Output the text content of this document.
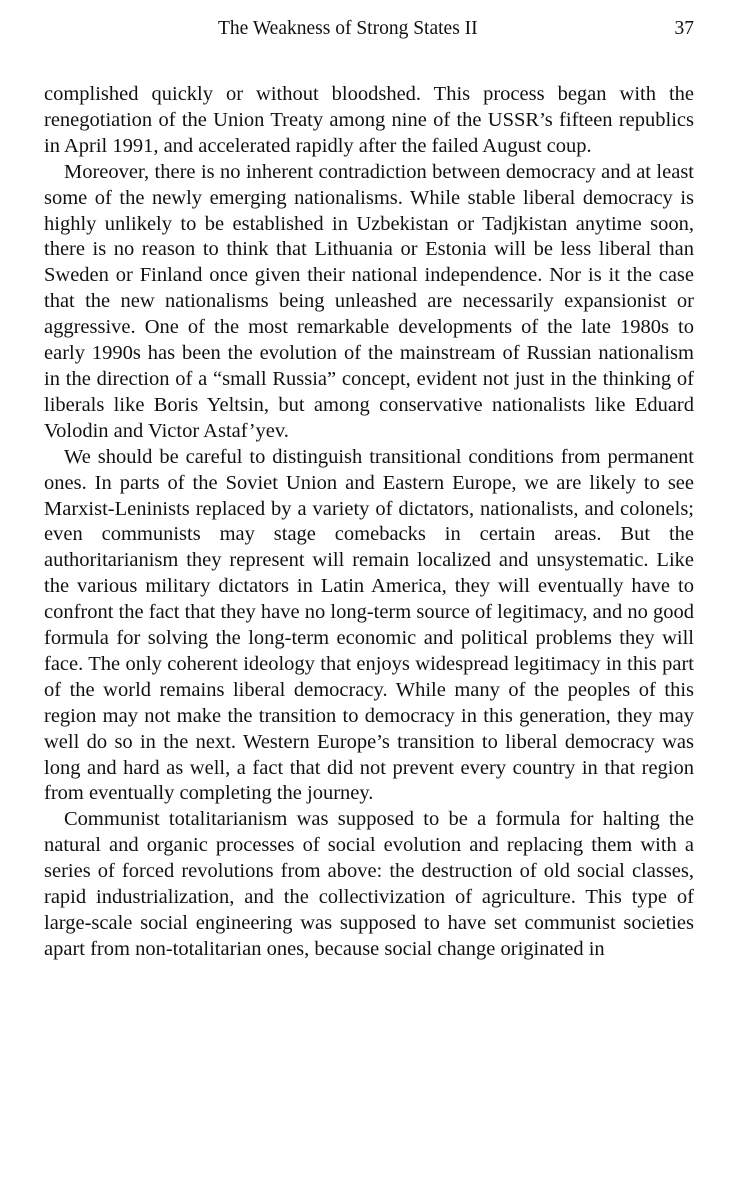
The Weakness of Strong States II	37

complished quickly or without bloodshed. This process began with the renegotiation of the Union Treaty among nine of the USSR’s fifteen republics in April 1991, and accelerated rapidly after the failed August coup.

Moreover, there is no inherent contradiction between democracy and at least some of the newly emerging nationalisms. While stable liberal democracy is highly unlikely to be established in Uzbekistan or Tadjkistan anytime soon, there is no reason to think that Lithuania or Estonia will be less liberal than Sweden or Finland once given their national independence. Nor is it the case that the new nationalisms being unleashed are necessarily expansionist or aggressive. One of the most remarkable developments of the late 1980s to early 1990s has been the evolution of the mainstream of Russian nationalism in the direction of a “small Russia” concept, evident not just in the thinking of liberals like Boris Yeltsin, but among conservative nationalists like Eduard Volodin and Victor Astaf’yev.

We should be careful to distinguish transitional conditions from permanent ones. In parts of the Soviet Union and Eastern Europe, we are likely to see Marxist-Leninists replaced by a variety of dictators, nationalists, and colonels; even communists may stage comebacks in certain areas. But the authoritarianism they represent will remain localized and unsystematic. Like the various military dictators in Latin America, they will eventually have to confront the fact that they have no long-term source of legitimacy, and no good formula for solving the long-term economic and political problems they will face. The only coherent ideology that enjoys widespread legitimacy in this part of the world remains liberal democracy. While many of the peoples of this region may not make the transition to democracy in this generation, they may well do so in the next. Western Europe’s transition to liberal democracy was long and hard as well, a fact that did not prevent every country in that region from eventually completing the journey.

Communist totalitarianism was supposed to be a formula for halting the natural and organic processes of social evolution and replacing them with a series of forced revolutions from above: the destruction of old social classes, rapid industrialization, and the collectivization of agriculture. This type of large-scale social engineering was supposed to have set communist societies apart from non-totalitarian ones, because social change originated in
